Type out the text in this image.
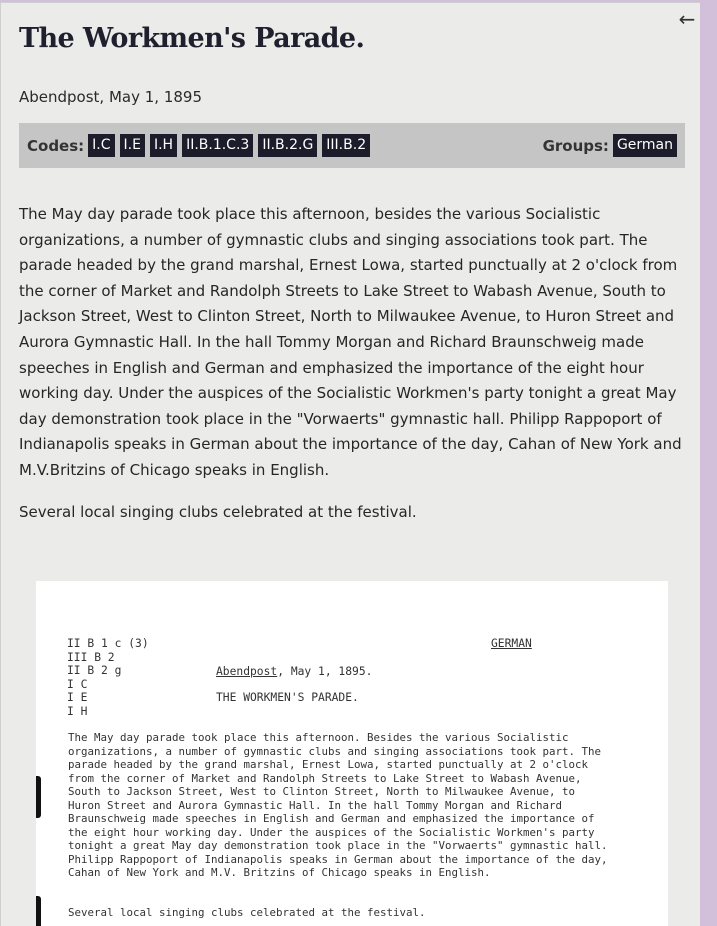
←
The Workmen's Parade.
Abendpost, May 1, 1895
Codes: I.C I.E I.H II.B.1.C.3 II.B.2.G III.B.2	Groups: German

The May day parade took place this afternoon, besides the various Socialistic organizations, a number of gymnastic clubs and singing associations took part. The parade headed by the grand marshal, Ernest Lowa, started punctually at 2 o'clock from the corner of Market and Randolph Streets to Lake Street to Wabash Avenue, South to Jackson Street, West to Clinton Street, North to Milwaukee Avenue, to Huron Street and Aurora Gymnastic Hall. In the hall Tommy Morgan and Richard Braunschweig made speeches in English and German and emphasized the importance of the eight hour working day. Under the auspices of the Socialistic Workmen's party tonight a great May day demonstration took place in the "Vorwaerts" gymnastic hall. Philipp Rappoport of Indianapolis speaks in German about the importance of the day, Cahan of New York and M.V.Britzins of Chicago speaks in English.

Several local singing clubs celebrated at the festival.

II B 1 c (3)
III B 2
II B 2 g
I C
I E
I H
GERMAN
Abendpost, May 1, 1895.
THE WORKMEN'S PARADE.
The May day parade took place this afternoon. Besides the various Socialistic organizations, a number of gymnastic clubs and singing associations took part. The parade headed by the grand marshal, Ernest Lowa, started punctually at 2 o'clock from the corner of Market and Randolph Streets to Lake Street to Wabash Avenue, South to Jackson Street, West to Clinton Street, North to Milwaukee Avenue, to Huron Street and Aurora Gymnastic Hall. In the hall Tommy Morgan and Richard Braunschweig made speeches in English and German and emphasized the importance of the eight hour working day. Under the auspices of the Socialistic Workmen's party tonight a great May day demonstration took place in the "Vorwaerts" gymnastic hall. Philipp Rappoport of Indianapolis speaks in German about the importance of the day, Cahan of New York and M.V. Britzins of Chicago speaks in English.
Several local singing clubs celebrated at the festival.
